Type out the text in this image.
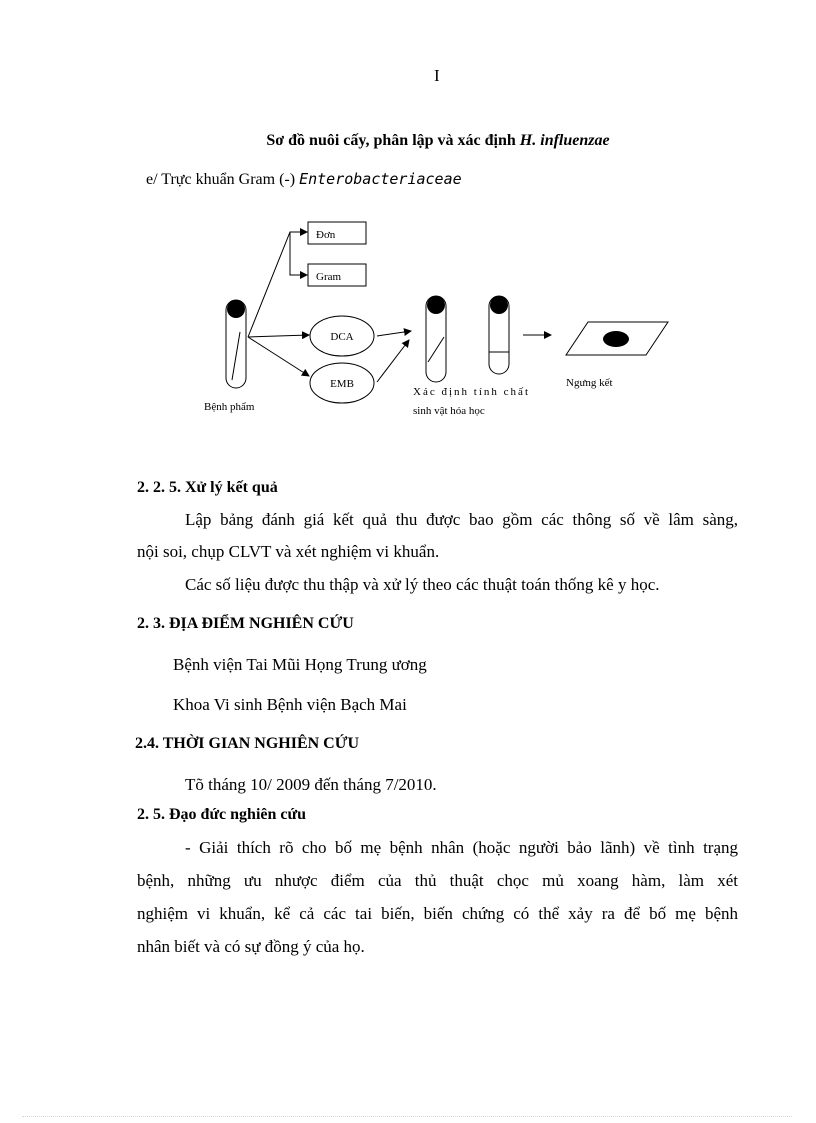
I
Sơ đồ nuôi cấy, phân lập và xác định H. influenzae
e/ Trực khuẩn Gram (-) Enterobacteriaceae
Đơn
Gram
DCA
EMB
Bệnh phẩm
Xác định tính chất
sinh vật hóa học
Ngưng kết
2. 2. 5. Xử lý kết quả
Lập bảng đánh giá kết quả thu được bao gồm các thông số về lâm sàng,
nội soi, chụp CLVT và xét nghiệm vi khuẩn.
Các số liệu được thu thập và xử lý theo các thuật toán thống kê y học.
2. 3. ĐỊA ĐIỂM NGHIÊN CỨU
Bệnh viện Tai Mũi Họng Trung ương
Khoa Vi sinh Bệnh viện Bạch Mai
2.4. THỜI GIAN NGHIÊN CỨU
Tõ tháng 10/ 2009 đến tháng 7/2010.
2. 5. Đạo đức nghiên cứu
- Giải thích rõ cho bố mẹ bệnh nhân (hoặc người bảo lãnh) về tình trạng
bệnh, những ưu nhược điểm của thủ thuật chọc mủ xoang hàm, làm xét
nghiệm vi khuẩn, kể cả các tai biến, biến chứng có thể xảy ra để bố mẹ bệnh
nhân biết và có sự đồng ý của họ.
